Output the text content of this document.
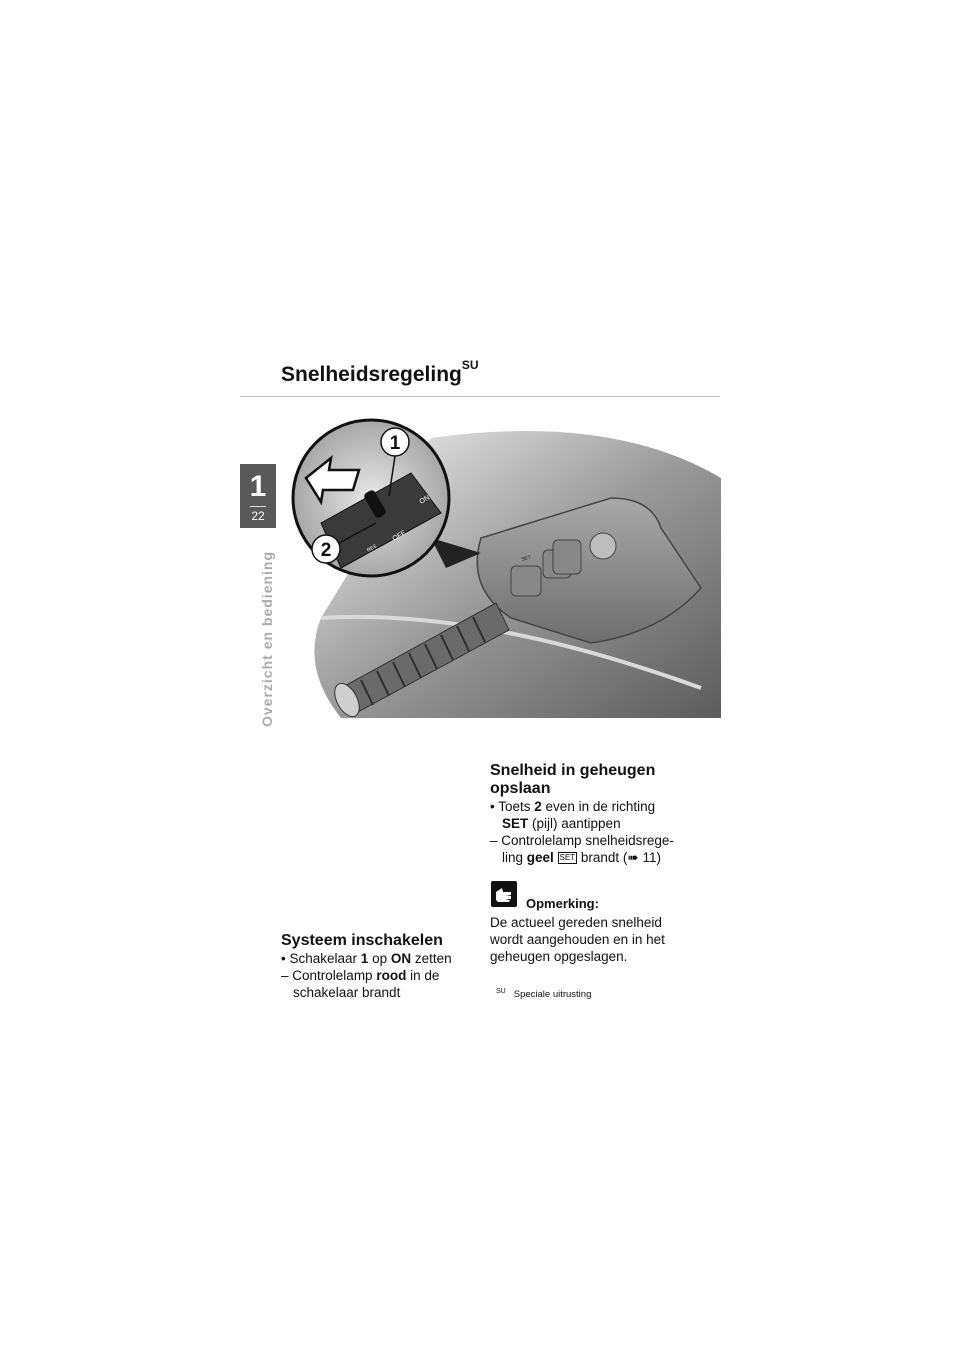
Snelheidsregeling$^{SU}$
1
22
Overzicht en bediening
ON
OFF
RES
SET
1
2
Systeem inschakelen
• Schakelaar 1 op ON zetten
– Controlelamp rood in de
schakelaar brandt
Snelheid in geheugen
opslaan
• Toets 2 even in de richting
SET (pijl) aantippen
– Controlelamp snelheidsrege-
ling geel SET brandt (➠ 11)
Opmerking:
De actueel gereden snelheid
wordt aangehouden en in het
geheugen opgeslagen.
$^{SU}$ Speciale uitrusting
